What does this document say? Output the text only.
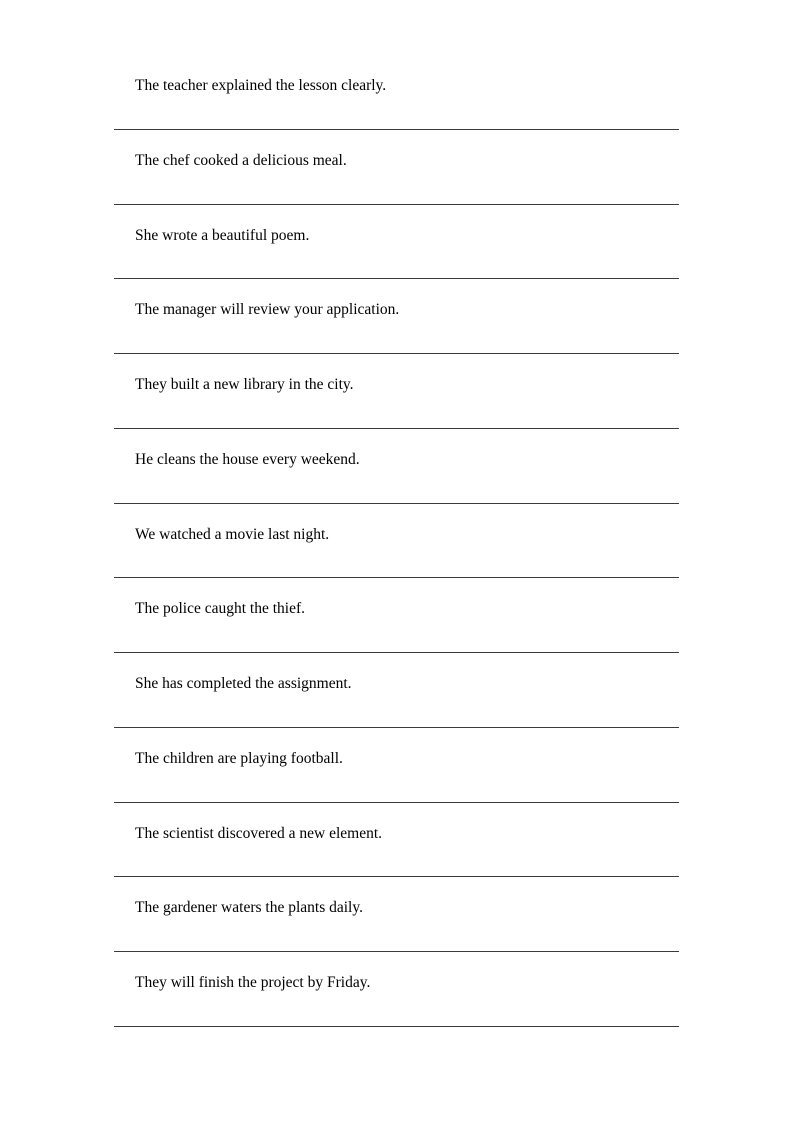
The teacher explained the lesson clearly.
The chef cooked a delicious meal.
She wrote a beautiful poem.
The manager will review your application.
They built a new library in the city.
He cleans the house every weekend.
We watched a movie last night.
The police caught the thief.
She has completed the assignment.
The children are playing football.
The scientist discovered a new element.
The gardener waters the plants daily.
They will finish the project by Friday.
